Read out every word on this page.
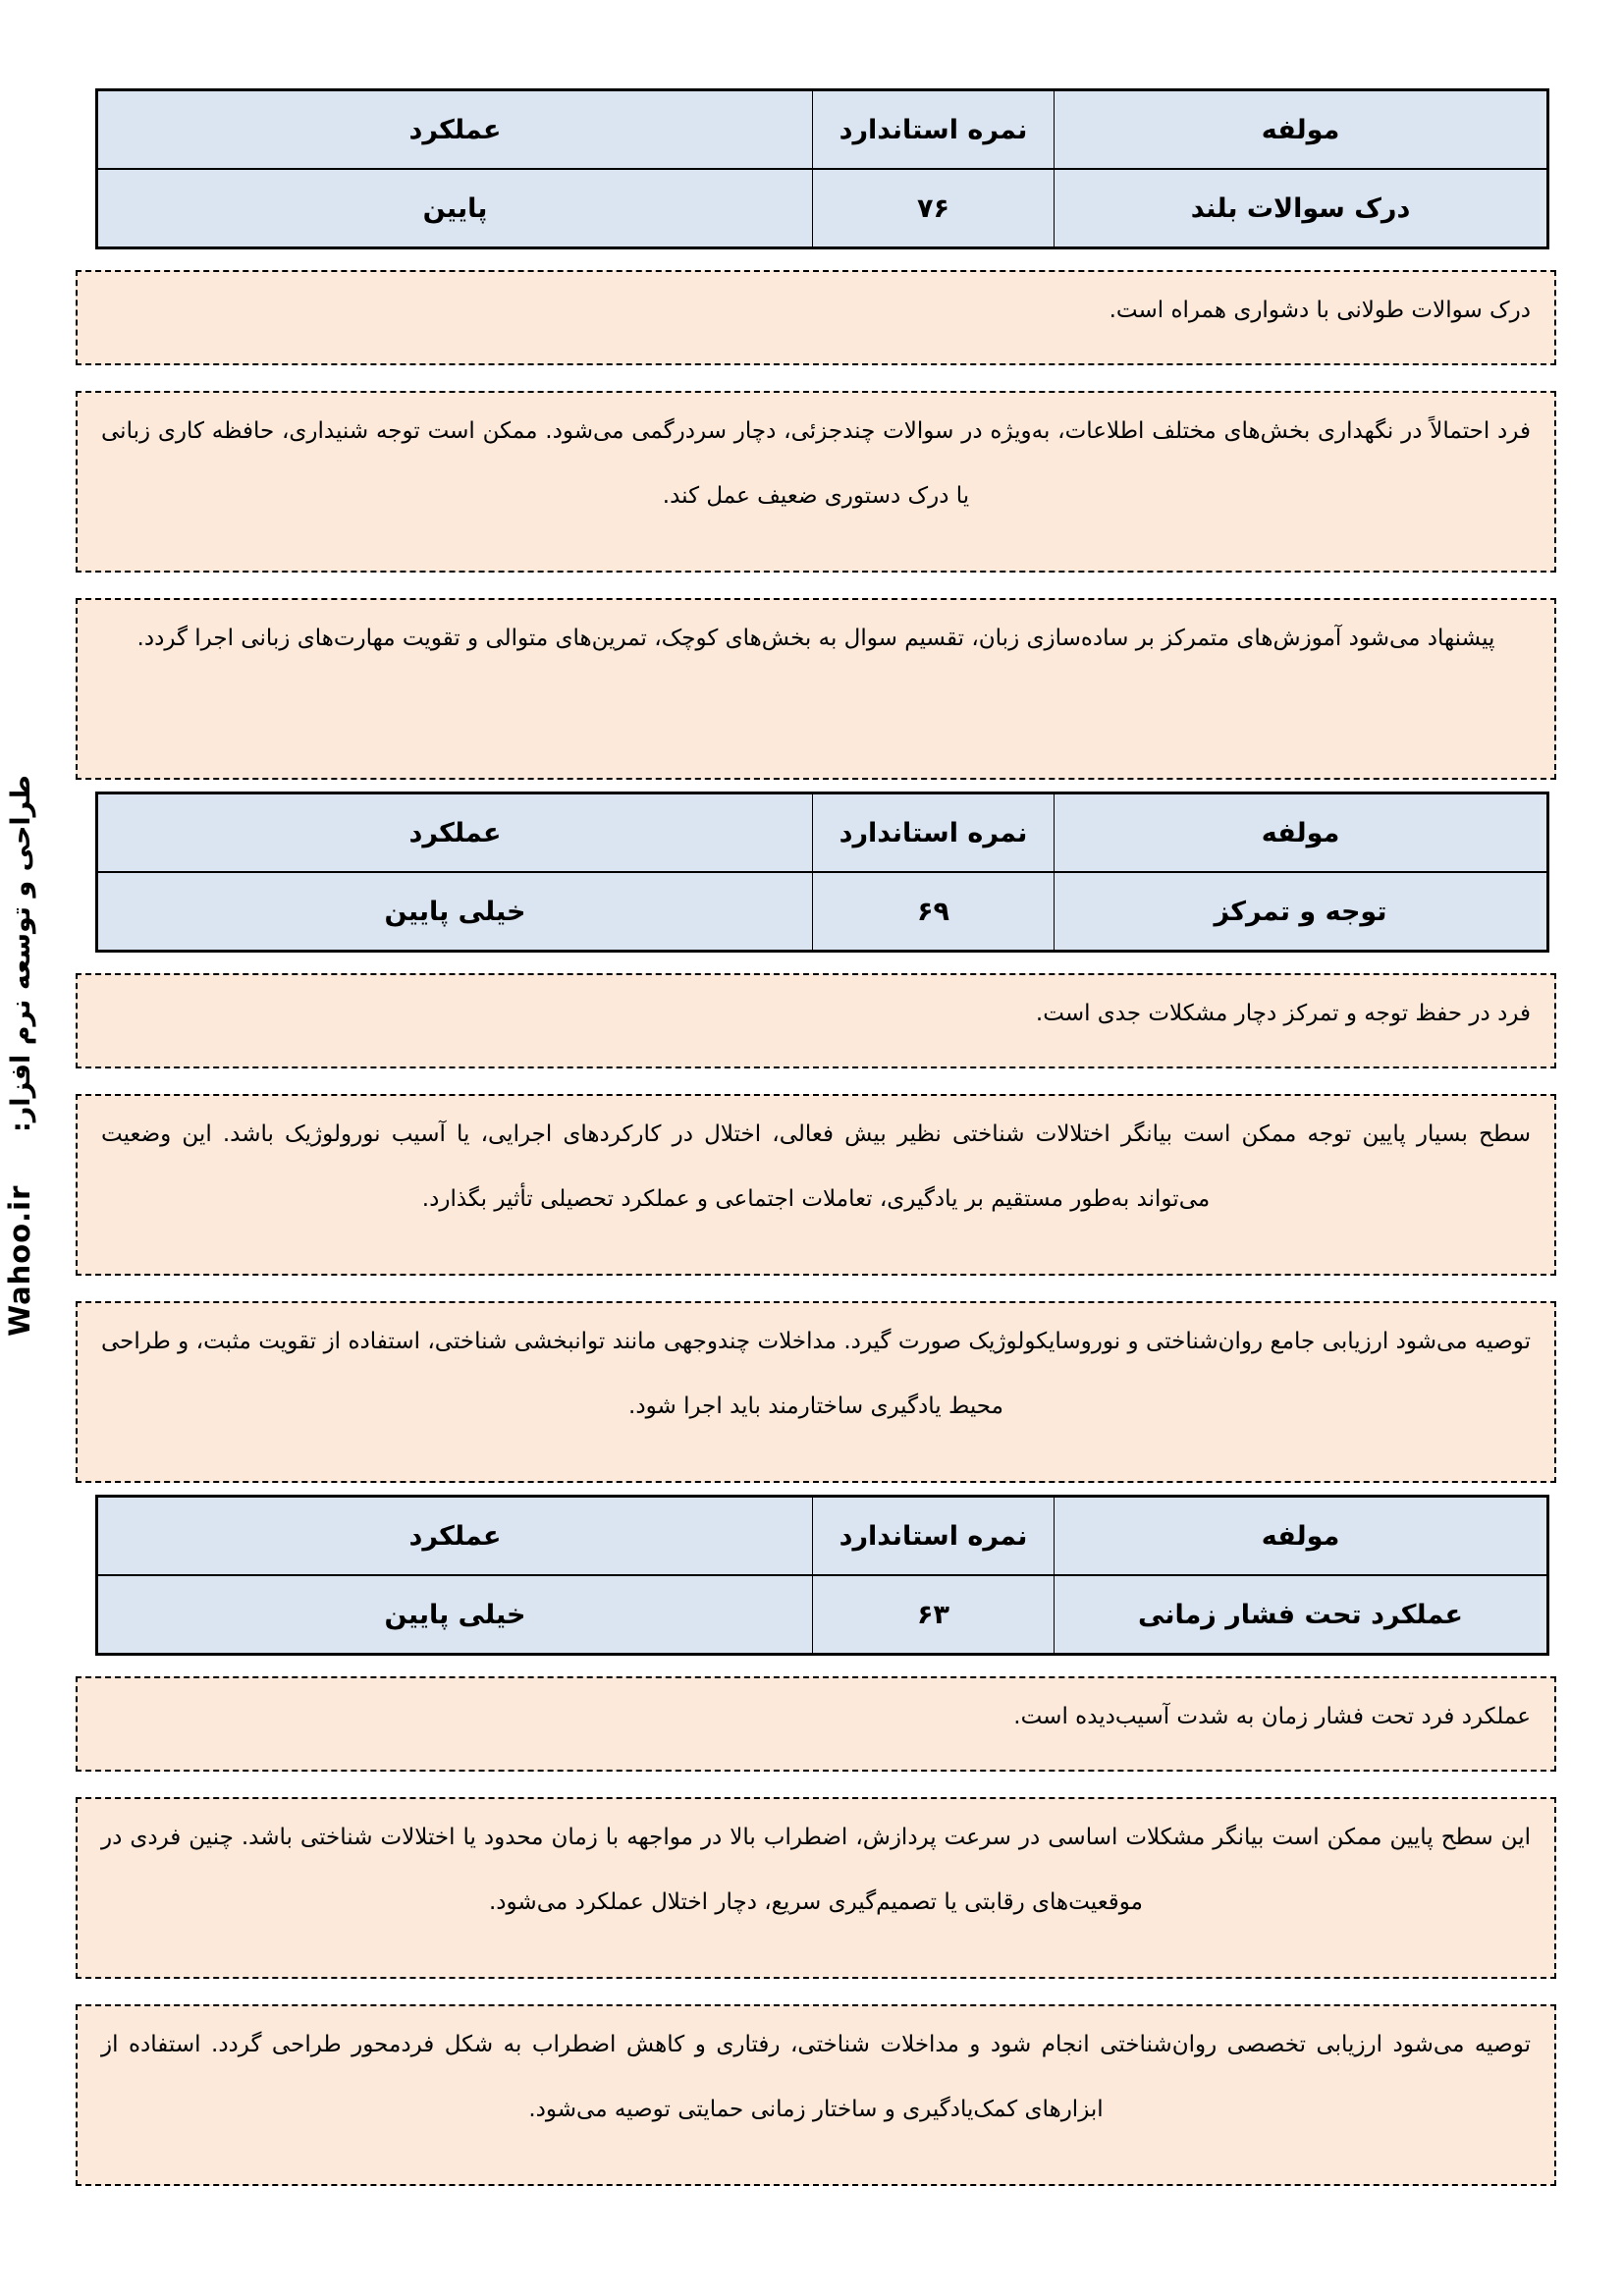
مولفه	نمره استاندارد	عملکرد
درک سوالات بلند	۷۶	پایین

درک سوالات طولانی با دشواری همراه است.

فرد احتمالاً در نگهداری بخش‌های مختلف اطلاعات، به‌ویژه در سوالات چندجزئی، دچار سردرگمی می‌شود. ممکن است توجه شنیداری، حافظه کاری زبانی یا درک دستوری ضعیف عمل کند.

پیشنهاد می‌شود آموزش‌های متمرکز بر ساده‌سازی زبان، تقسیم سوال به بخش‌های کوچک، تمرین‌های متوالی و تقویت مهارت‌های زبانی اجرا گردد.

مولفه	نمره استاندارد	عملکرد
توجه و تمرکز	۶۹	خیلی پایین

فرد در حفظ توجه و تمرکز دچار مشکلات جدی است.

سطح بسیار پایین توجه ممکن است بیانگر اختلالات شناختی نظیر بیش فعالی، اختلال در کارکردهای اجرایی، یا آسیب نورولوژیک باشد. این وضعیت می‌تواند به‌طور مستقیم بر یادگیری، تعاملات اجتماعی و عملکرد تحصیلی تأثیر بگذارد.

توصیه می‌شود ارزیابی جامع روان‌شناختی و نوروسایکولوژیک صورت گیرد. مداخلات چندوجهی مانند توانبخشی شناختی، استفاده از تقویت مثبت، و طراحی محیط یادگیری ساختارمند باید اجرا شود.

مولفه	نمره استاندارد	عملکرد
عملکرد تحت فشار زمانی	۶۳	خیلی پایین

عملکرد فرد تحت فشار زمان به شدت آسیب‌دیده است.

این سطح پایین ممکن است بیانگر مشکلات اساسی در سرعت پردازش، اضطراب بالا در مواجهه با زمان محدود یا اختلالات شناختی باشد. چنین فردی در موقعیت‌های رقابتی یا تصمیم‌گیری سریع، دچار اختلال عملکرد می‌شود.

توصیه می‌شود ارزیابی تخصصی روان‌شناختی انجام شود و مداخلات شناختی، رفتاری و کاهش اضطراب به شکل فردمحور طراحی گردد. استفاده از ابزارهای کمک‌یادگیری و ساختار زمانی حمایتی توصیه می‌شود.

طراحی و توسعه نرم افزار: Wahoo.ir
